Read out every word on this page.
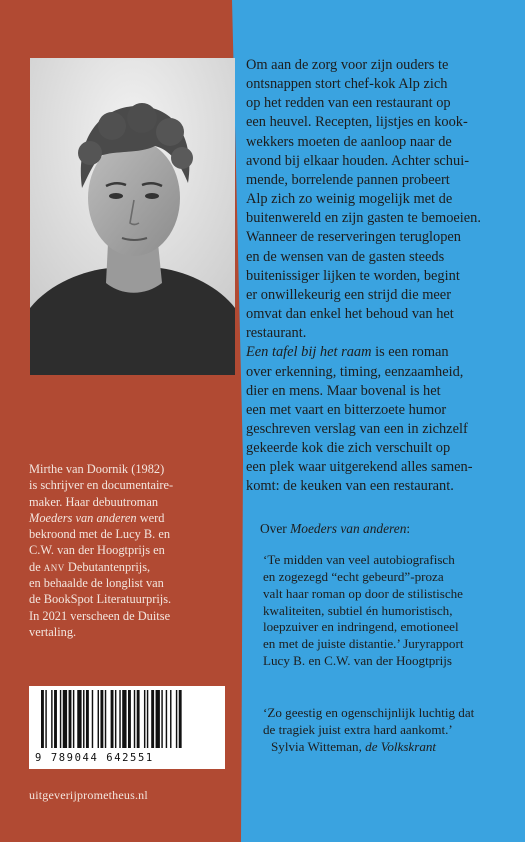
Om aan de zorg voor zijn ouders te
ontsnappen stort chef-kok Alp zich
op het redden van een restaurant op
een heuvel. Recepten, lijstjes en kook-
wekkers moeten de aanloop naar de
avond bij elkaar houden. Achter schui-
mende, borrelende pannen probeert
Alp zich zo weinig mogelijk met de
buitenwereld en zijn gasten te bemoeien.
Wanneer de reserveringen teruglopen
en de wensen van de gasten steeds
buitenissiger lijken te worden, begint
er onwillekeurig een strijd die meer
omvat dan enkel het behoud van het
restaurant.
Een tafel bij het raam is een roman
over erkenning, timing, eenzaamheid,
dier en mens. Maar bovenal is het
een met vaart en bitterzoete humor
geschreven verslag van een in zichzelf
gekeerde kok die zich verschuilt op
een plek waar uitgerekend alles samen-
komt: de keuken van een restaurant.
Mirthe van Doornik (1982)
is schrijver en documentaire-
maker. Haar debuutroman
Moeders van anderen werd
bekroond met de Lucy B. en
C.W. van der Hoogtprijs en
de anv Debutantenprijs,
en behaalde de longlist van
de BookSpot Literatuurprijs.
In 2021 verscheen de Duitse
vertaling.
Over Moeders van anderen:
‘Te midden van veel autobiografisch
en zogezegd “echt gebeurd”-proza
valt haar roman op door de stilistische
kwaliteiten, subtiel én humoristisch,
loepzuiver en indringend, emotioneel
en met de juiste distantie.’ Juryrapport
Lucy B. en C.W. van der Hoogtprijs
‘Zo geestig en ogenschijnlijk luchtig dat
de tragiek juist extra hard aankomt.’
Sylvia Witteman, de Volkskrant
9 789044 642551
uitgeverijprometheus.nl
